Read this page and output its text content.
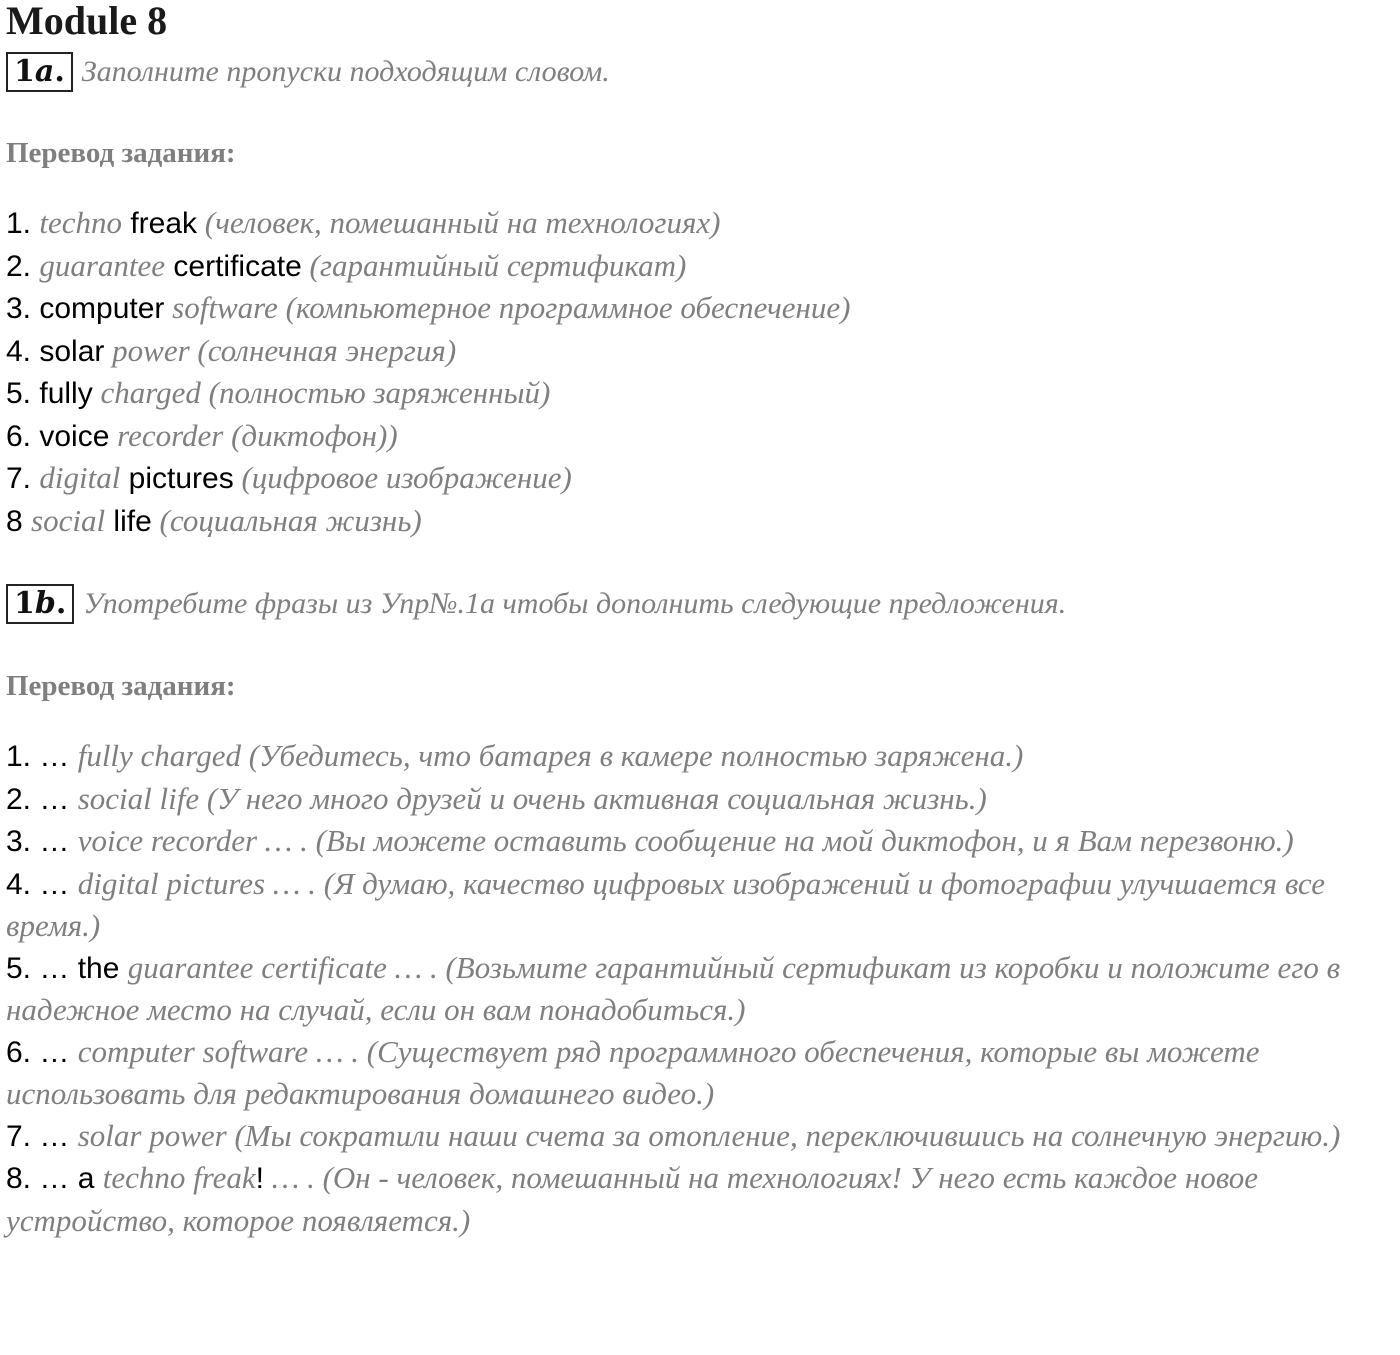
Module 8
1a. Заполните пропуски подходящим словом.

Перевод задания:

1. techno freak (человек, помешанный на технологиях)
2. guarantee certificate (гарантийный сертификат)
3. computer software (компьютерное программное обеспечение)
4. solar power (солнечная энергия)
5. fully charged (полностью заряженный)
6. voice recorder (диктофон))
7. digital pictures (цифровое изображение)
8 social life (социальная жизнь)
1b. Употребите фразы из Упр№.1а чтобы дополнить следующие предложения.

Перевод задания:

1. … fully charged (Убедитесь, что батарея в камере полностью заряжена.)
2. … social life (У него много друзей и очень активная социальная жизнь.)
3. … voice recorder … . (Вы можете оставить сообщение на мой диктофон, и я Вам перезвоню.)
4. … digital pictures … . (Я думаю, качество цифровых изображений и фотографии улучшается все время.)
5. … the guarantee certificate … . (Возьмите гарантийный сертификат из коробки и положите его в надежное место на случай, если он вам понадобиться.)
6. … computer software … . (Существует ряд программного обеспечения, которые вы можете использовать для редактирования домашнего видео.)
7. … solar power (Мы сократили наши счета за отопление, переключившись на солнечную энергию.)
8. … a techno freak! … . (Он - человек, помешанный на технологиях! У него есть каждое новое устройство, которое появляется.)
